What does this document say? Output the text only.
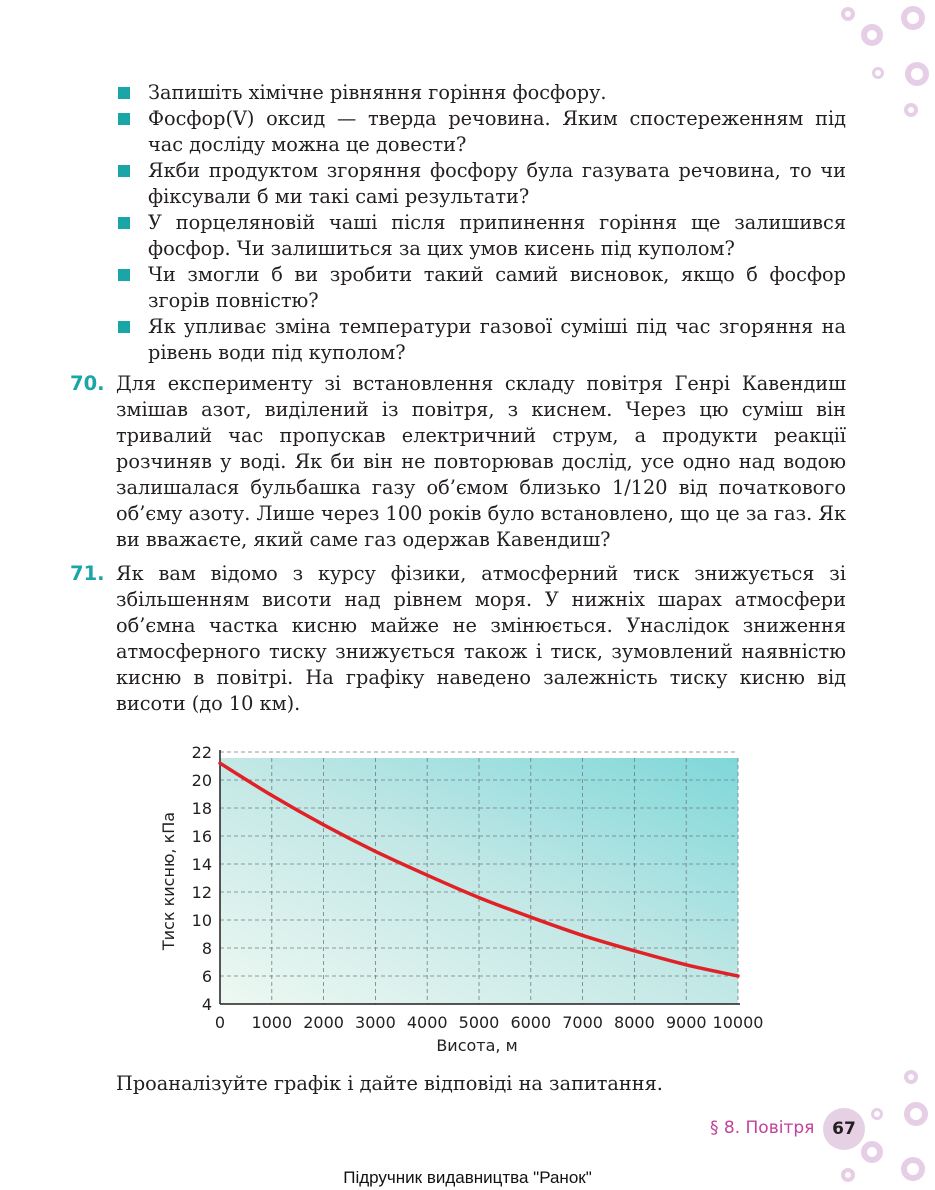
Запишіть хімічне рівняння горіння фосфору.
Фосфор(V) оксид — тверда речовина. Яким спостереженням під час досліду можна це довести?
Якби продуктом згоряння фосфору була газувата речовина, то чи фіксували б ми такі самі результати?
У порцеляновій чаші після припинення горіння ще залишився фосфор. Чи залишиться за цих умов кисень під куполом?
Чи змогли б ви зробити такий самий висновок, якщо б фосфор згорів повністю?
Як упливає зміна температури газової суміші під час згоряння на рівень води під куполом?
70. Для експерименту зі встановлення складу повітря Генрі Кавендиш змішав азот, виділений із повітря, з киснем. Через цю суміш він тривалий час пропускав електричний струм, а продукти реакції розчиняв у воді. Як би він не повторював дослід, усе одно над водою залишалася бульбашка газу об’ємом близько 1/120 від початкового об’єму азоту. Лише через 100 років було встановлено, що це за газ. Як ви вважаєте, який саме газ одержав Кавендиш?
71. Як вам відомо з курсу фізики, атмосферний тиск знижується зі збільшенням висоти над рівнем моря. У нижніх шарах атмосфери об’ємна частка кисню майже не змінюється. Унаслідок зниження атмосферного тиску знижується також і тиск, зумовлений наявністю кисню в повітрі. На графіку наведено залежність тиску кисню від висоти (до 10 км).
4
6
8
10
12
14
16
18
20
22
0 1000 2000 3000 4000 5000 6000 7000 8000 9000 10000
Висота, м
Тиск кисню, кПа
Проаналізуйте графік і дайте відповіді на запитання.
§ 8. Повітря	67
Підручник видавництва "Ранок"
